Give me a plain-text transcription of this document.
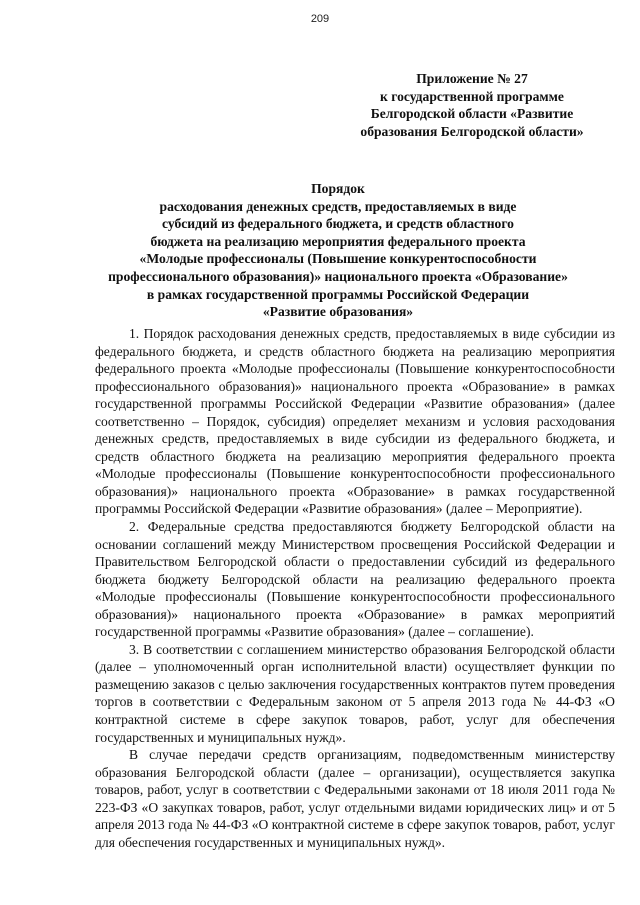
209
Приложение № 27
к государственной программе
Белгородской области «Развитие
образования Белгородской области»
Порядок
расходования денежных средств, предоставляемых в виде
субсидий из федерального бюджета, и средств областного
бюджета на реализацию мероприятия федерального проекта
«Молодые профессионалы (Повышение конкурентоспособности
профессионального образования)» национального проекта «Образование»
в рамках государственной программы Российской Федерации
«Развитие образования»

1. Порядок расходования денежных средств, предоставляемых в виде субсидии из федерального бюджета, и средств областного бюджета на реализацию мероприятия федерального проекта «Молодые профессионалы (Повышение конкурентоспособности профессионального образования)» национального проекта «Образование» в рамках государственной программы Российской Федерации «Развитие образования» (далее соответственно – Порядок, субсидия) определяет механизм и условия расходования денежных средств, предоставляемых в виде субсидии из федерального бюджета, и средств областного бюджета на реализацию мероприятия федерального проекта «Молодые профессионалы (Повышение конкурентоспособности профессионального образования)» национального проекта «Образование» в рамках государственной программы Российской Федерации «Развитие образования» (далее – Мероприятие).

2. Федеральные средства предоставляются бюджету Белгородской области на основании соглашений между Министерством просвещения Российской Федерации и Правительством Белгородской области о предоставлении субсидий из федерального бюджета бюджету Белгородской области на реализацию федерального проекта «Молодые профессионалы (Повышение конкурентоспособности профессионального образования)» национального проекта «Образование» в рамках мероприятий государственной программы «Развитие образования» (далее – соглашение).

3. В соответствии с соглашением министерство образования Белгородской области (далее – уполномоченный орган исполнительной власти) осуществляет функции по размещению заказов с целью заключения государственных контрактов путем проведения торгов в соответствии с Федеральным законом от 5 апреля 2013 года № 44-ФЗ «О контрактной системе в сфере закупок товаров, работ, услуг для обеспечения государственных и муниципальных нужд».

В случае передачи средств организациям, подведомственным министерству образования Белгородской области (далее – организации), осуществляется закупка товаров, работ, услуг в соответствии с Федеральными законами от 18 июля 2011 года № 223-ФЗ «О закупках товаров, работ, услуг отдельными видами юридических лиц» и от 5 апреля 2013 года № 44-ФЗ «О контрактной системе в сфере закупок товаров, работ, услуг для обеспечения государственных и муниципальных нужд».
